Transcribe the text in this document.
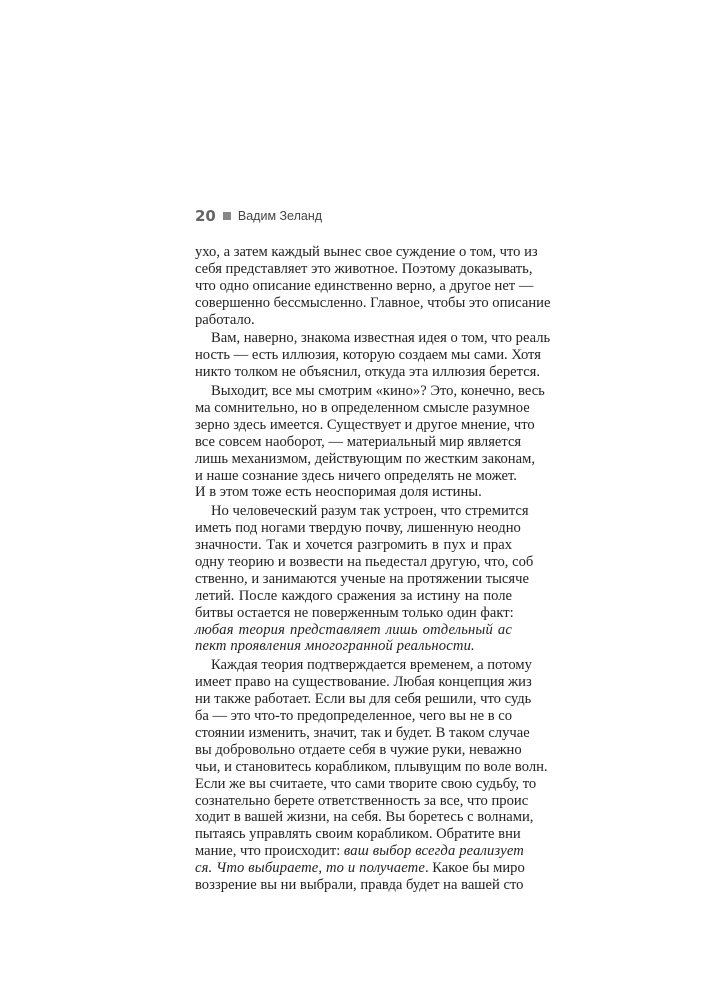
20 Вадим Зеланд
ухо, а затем каждый вынес свое суждение о том, что из
себя представляет это животное. Поэтому доказывать,
что одно описание единственно верно, а другое нет —
совершенно бессмысленно. Главное, чтобы это описание
работало.
Вам, наверно, знакома известная идея о том, что реаль
ность — есть иллюзия, которую создаем мы сами. Хотя
никто толком не объяснил, откуда эта иллюзия берется.
Выходит, все мы смотрим «кино»? Это, конечно, весь
ма сомнительно, но в определенном смысле разумное
зерно здесь имеется. Существует и другое мнение, что
все совсем наоборот, — материальный мир является
лишь механизмом, действующим по жестким законам,
и наше сознание здесь ничего определять не может.
И в этом тоже есть неоспоримая доля истины.
Но человеческий разум так устроен, что стремится
иметь под ногами твердую почву, лишенную неодно
значности. Так и хочется разгромить в пух и прах
одну теорию и возвести на пьедестал другую, что, соб
ственно, и занимаются ученые на протяжении тысяче
летий. После каждого сражения за истину на поле
битвы остается не поверженным только один факт:
любая теория представляет лишь отдельный ас
пект проявления многогранной реальности.
Каждая теория подтверждается временем, а потому
имеет право на существование. Любая концепция жиз
ни также работает. Если вы для себя решили, что судь
ба — это что-то предопределенное, чего вы не в со
стоянии изменить, значит, так и будет. В таком случае
вы добровольно отдаете себя в чужие руки, неважно
чьи, и становитесь корабликом, плывущим по воле волн.
Если же вы считаете, что сами творите свою судьбу, то
сознательно берете ответственность за все, что проис
ходит в вашей жизни, на себя. Вы боретесь с волнами,
пытаясь управлять своим корабликом. Обратите вни
мание, что происходит: ваш выбор всегда реализует
ся. Что выбираете, то и получаете. Какое бы миро
воззрение вы ни выбрали, правда будет на вашей сто
